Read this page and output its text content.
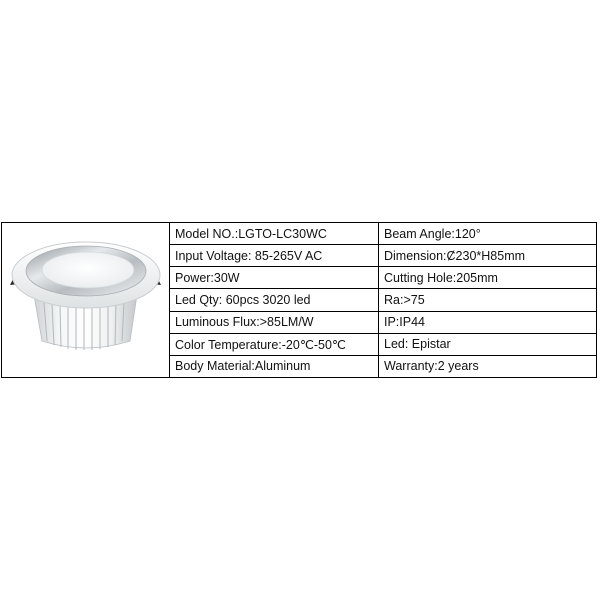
Model NO.:LGTO-LC30WC
Input Voltage: 85-265V AC
Power:30W
Led Qty: 60pcs 3020 led
Luminous Flux:>85LM/W
Color Temperature:-20℃-50℃
Body Material:Aluminum
Beam Angle:120°
Dimension:Ȼ230*H85mm
Cutting Hole:205mm
Ra:>75
IP:IP44
Led: Epistar
Warranty:2 years
